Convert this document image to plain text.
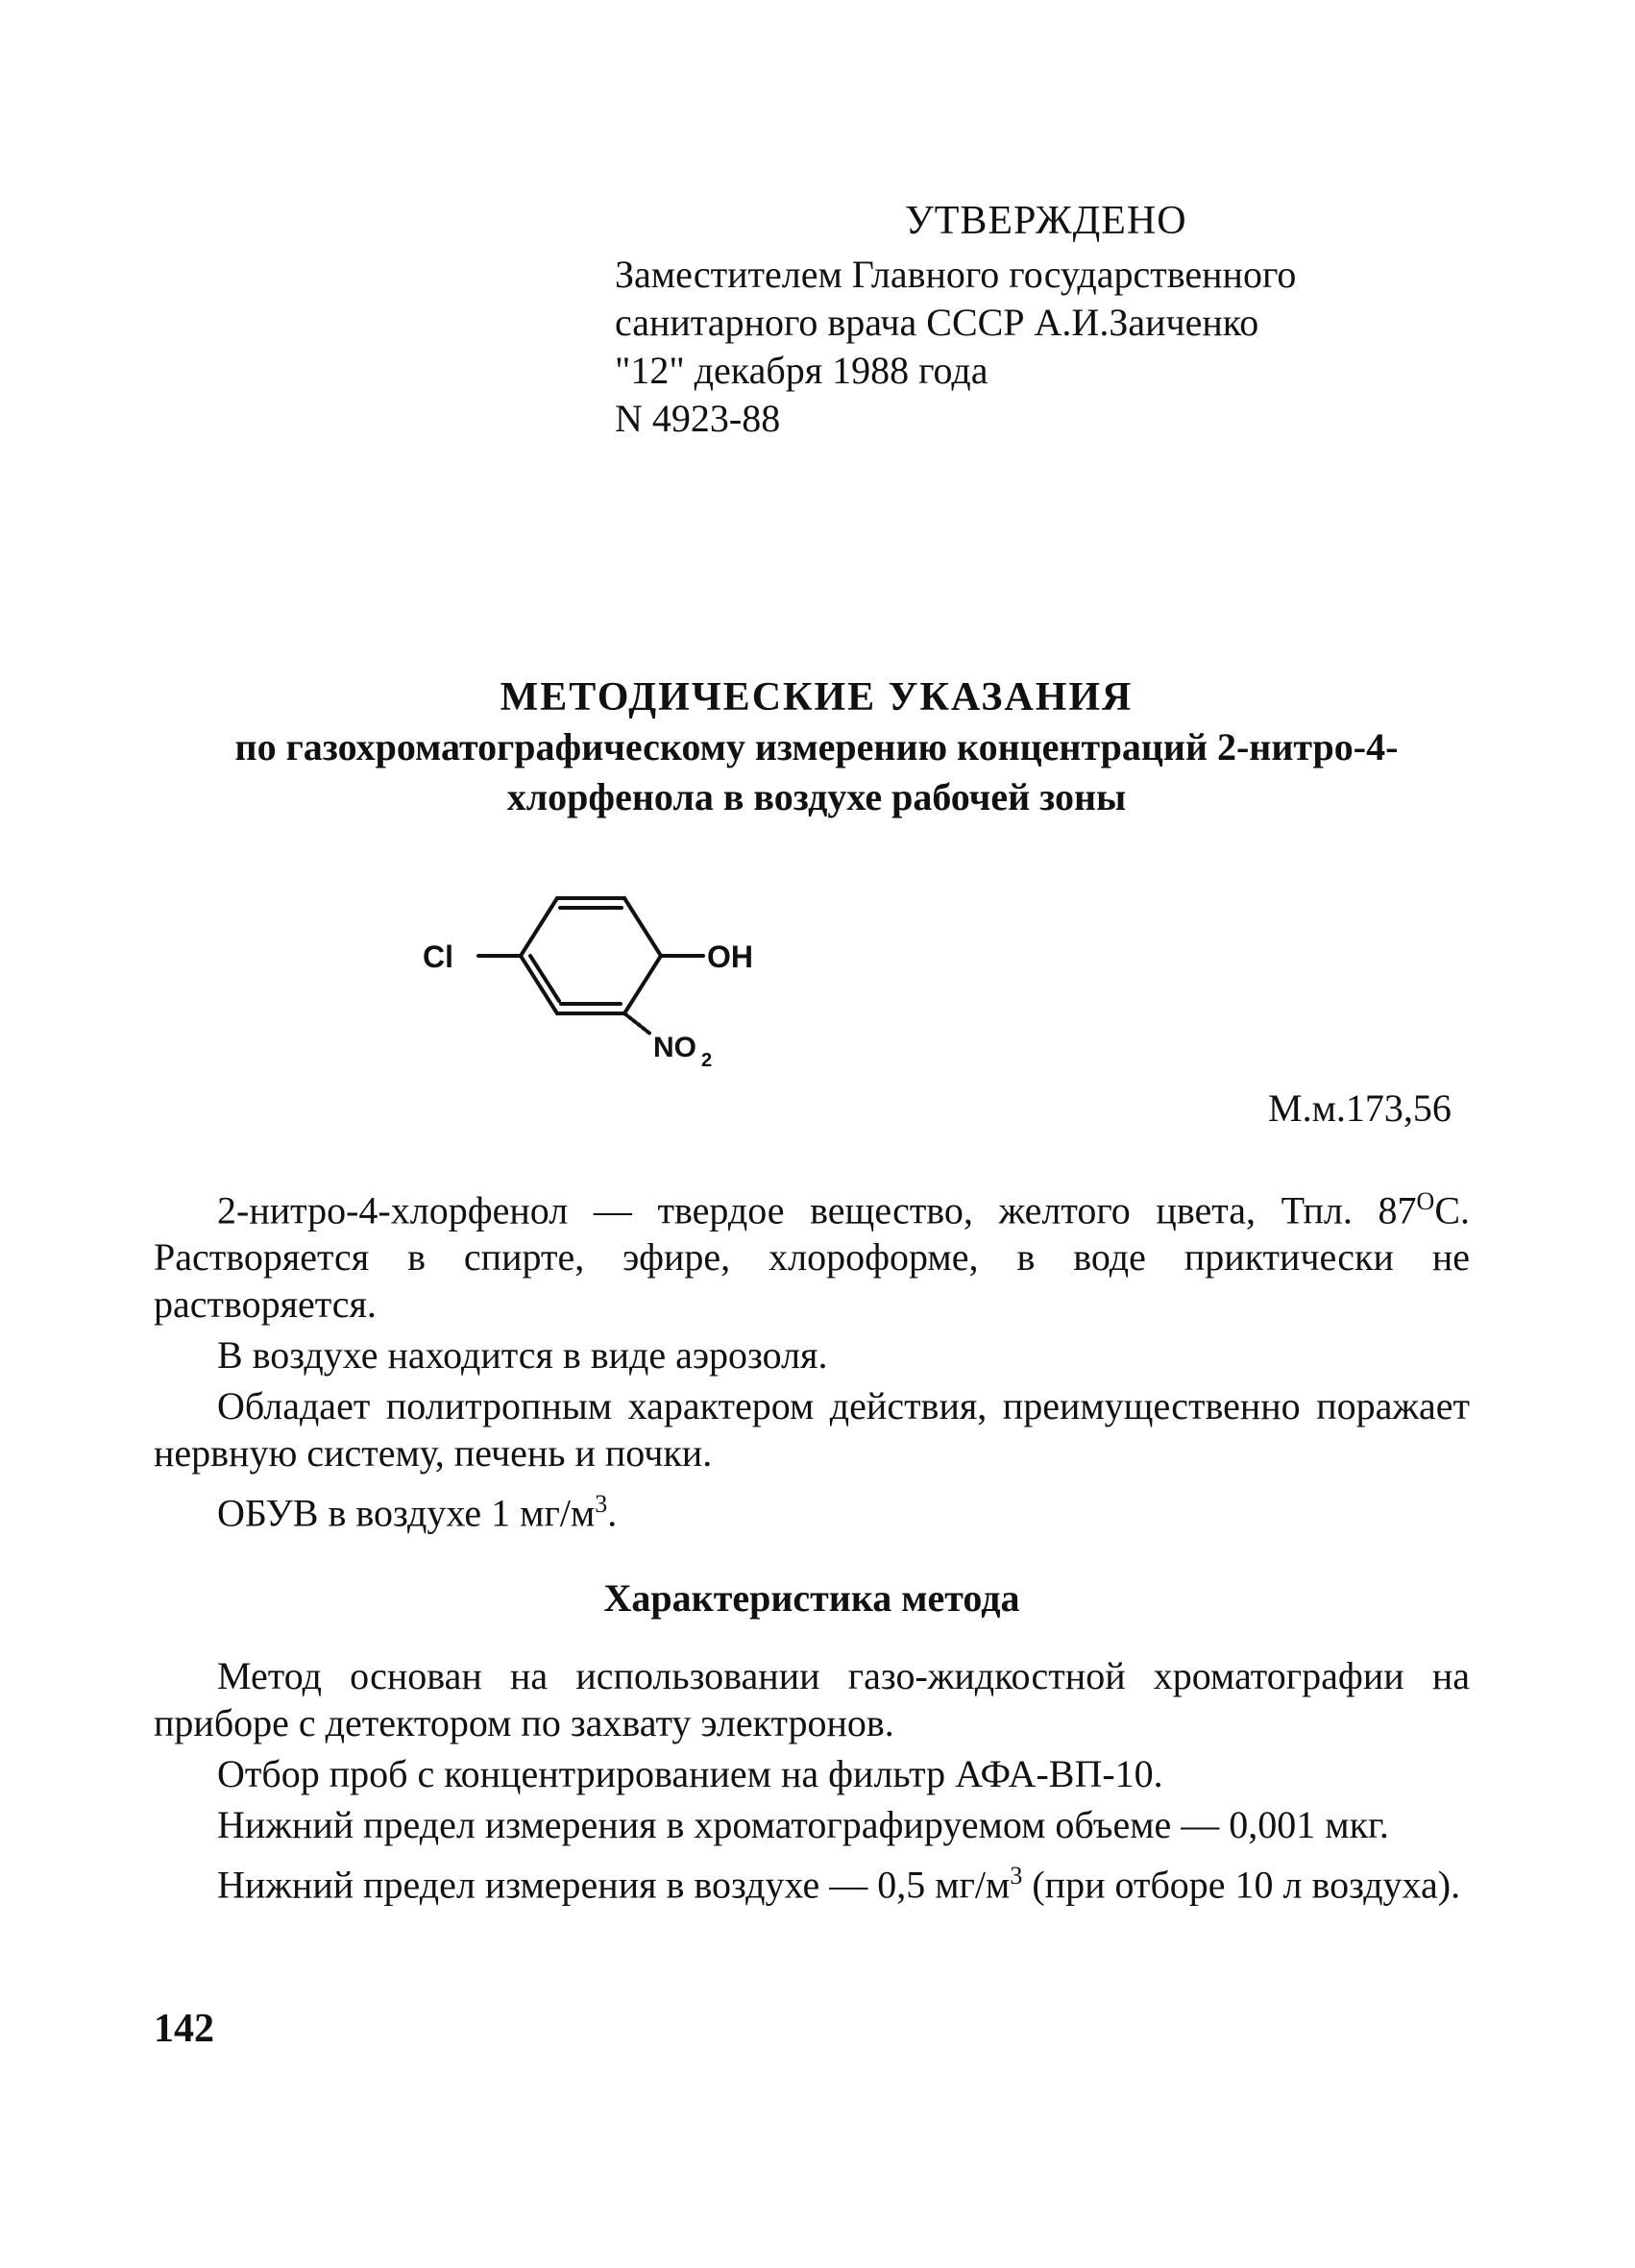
УТВЕРЖДЕНО
Заместителем Главного государственного
санитарного врача СССР А.И.Заиченко
"12" декабря 1988 года
N 4923-88
МЕТОДИЧЕСКИЕ УКАЗАНИЯ
по газохроматографическому измерению концентраций 2-нитро-4-
хлорфенола в воздухе рабочей зоны
Cl	OH
NO 2
М.м.173,56

2-нитро-4-хлорфенол — твердое вещество, желтого цвета, Тпл. $87^OС$. Растворяется в спирте, эфире, хлороформе, в воде приктически не растворяется.

В воздухе находится в виде аэрозоля.

Обладает политропным характером действия, преимущественно поражает нервную систему, печень и почки.

ОБУВ в воздухе 1 $мг/м^3$.

Характеристика метода

Метод основан на использовании газо-жидкостной хроматографии на приборе с детектором по захвату электронов.

Отбор проб с концентрированием на фильтр АФА-ВП-10.

Нижний предел измерения в хроматографируемом объеме — 0,001 мкг.

Нижний предел измерения в воздухе — 0,5 $мг/м^3$ (при отборе 10 л воздуха).

142
